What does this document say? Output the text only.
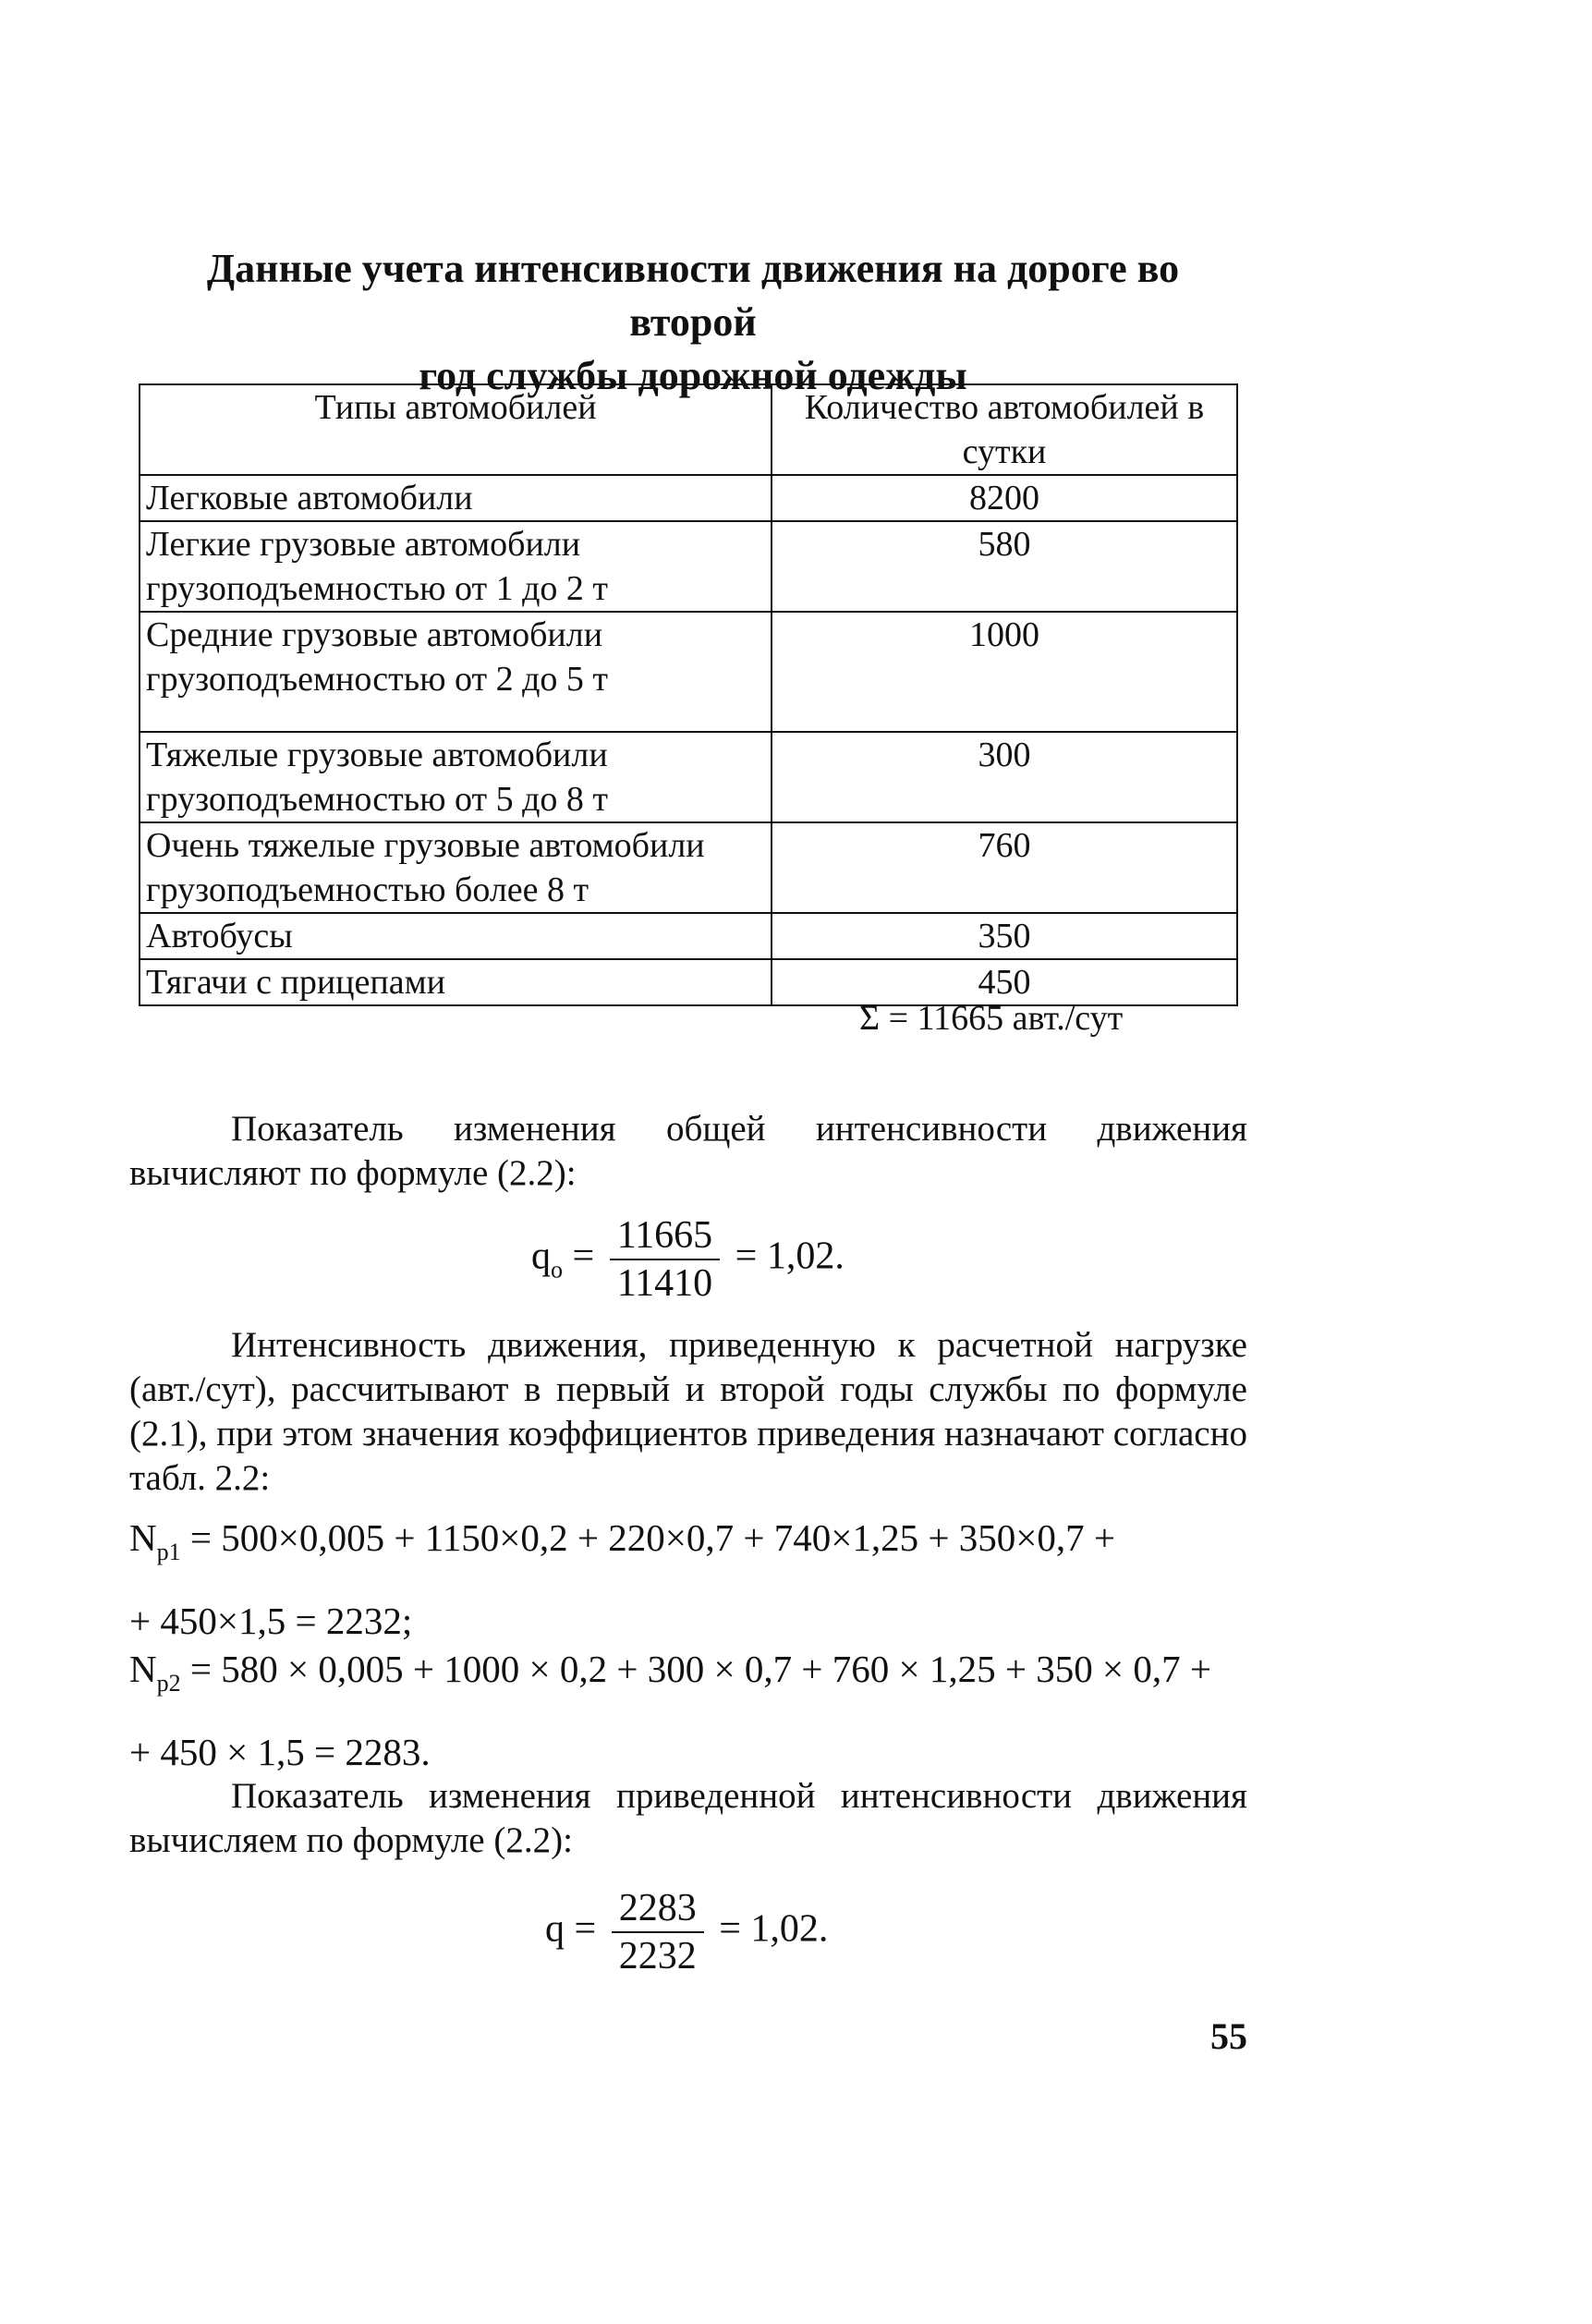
Данные учета интенсивности движения на дороге во второй
год службы дорожной одежды
Типы автомобилей	Количество автомобилей в сутки
Легковые автомобили	8200
Легкие грузовые автомобили грузоподъемностью от 1 до 2 т	580
Средние грузовые автомобили грузоподъемностью от 2 до 5 т	1000
Тяжелые грузовые автомобили грузоподъемностью от 5 до 8 т	300
Очень тяжелые грузовые автомобили грузоподъемностью более 8 т	760
Автобусы	350
Тягачи с прицепами	450
Σ = 11665 авт./сут
Показатель изменения общей интенсивности движения вычисляют по формуле (2.2):
$q_o = \frac{11665}{11410} = 1,02$.
Интенсивность движения, приведенную к расчетной нагрузке (авт./сут), рассчитывают в первый и второй годы службы по формуле (2.1), при этом значения коэффициентов приведения назначают согласно табл. 2.2:
$N_{p1} = 500\times 0,005 + 1150\times 0,2 + 220\times 0,7 + 740\times 1,25 + 350\times 0,7$ +
+ 450×1,5 = 2232;
$N_{p2} = 580 \times 0,005 + 1000 \times 0,2 + 300 \times 0,7 + 760 \times 1,25 + 350 \times 0,7$ +
+ 450 × 1,5 = 2283.
Показатель изменения приведенной интенсивности движения вычисляем по формуле (2.2):
$q = \frac{2283}{2232} = 1,02$.
55
